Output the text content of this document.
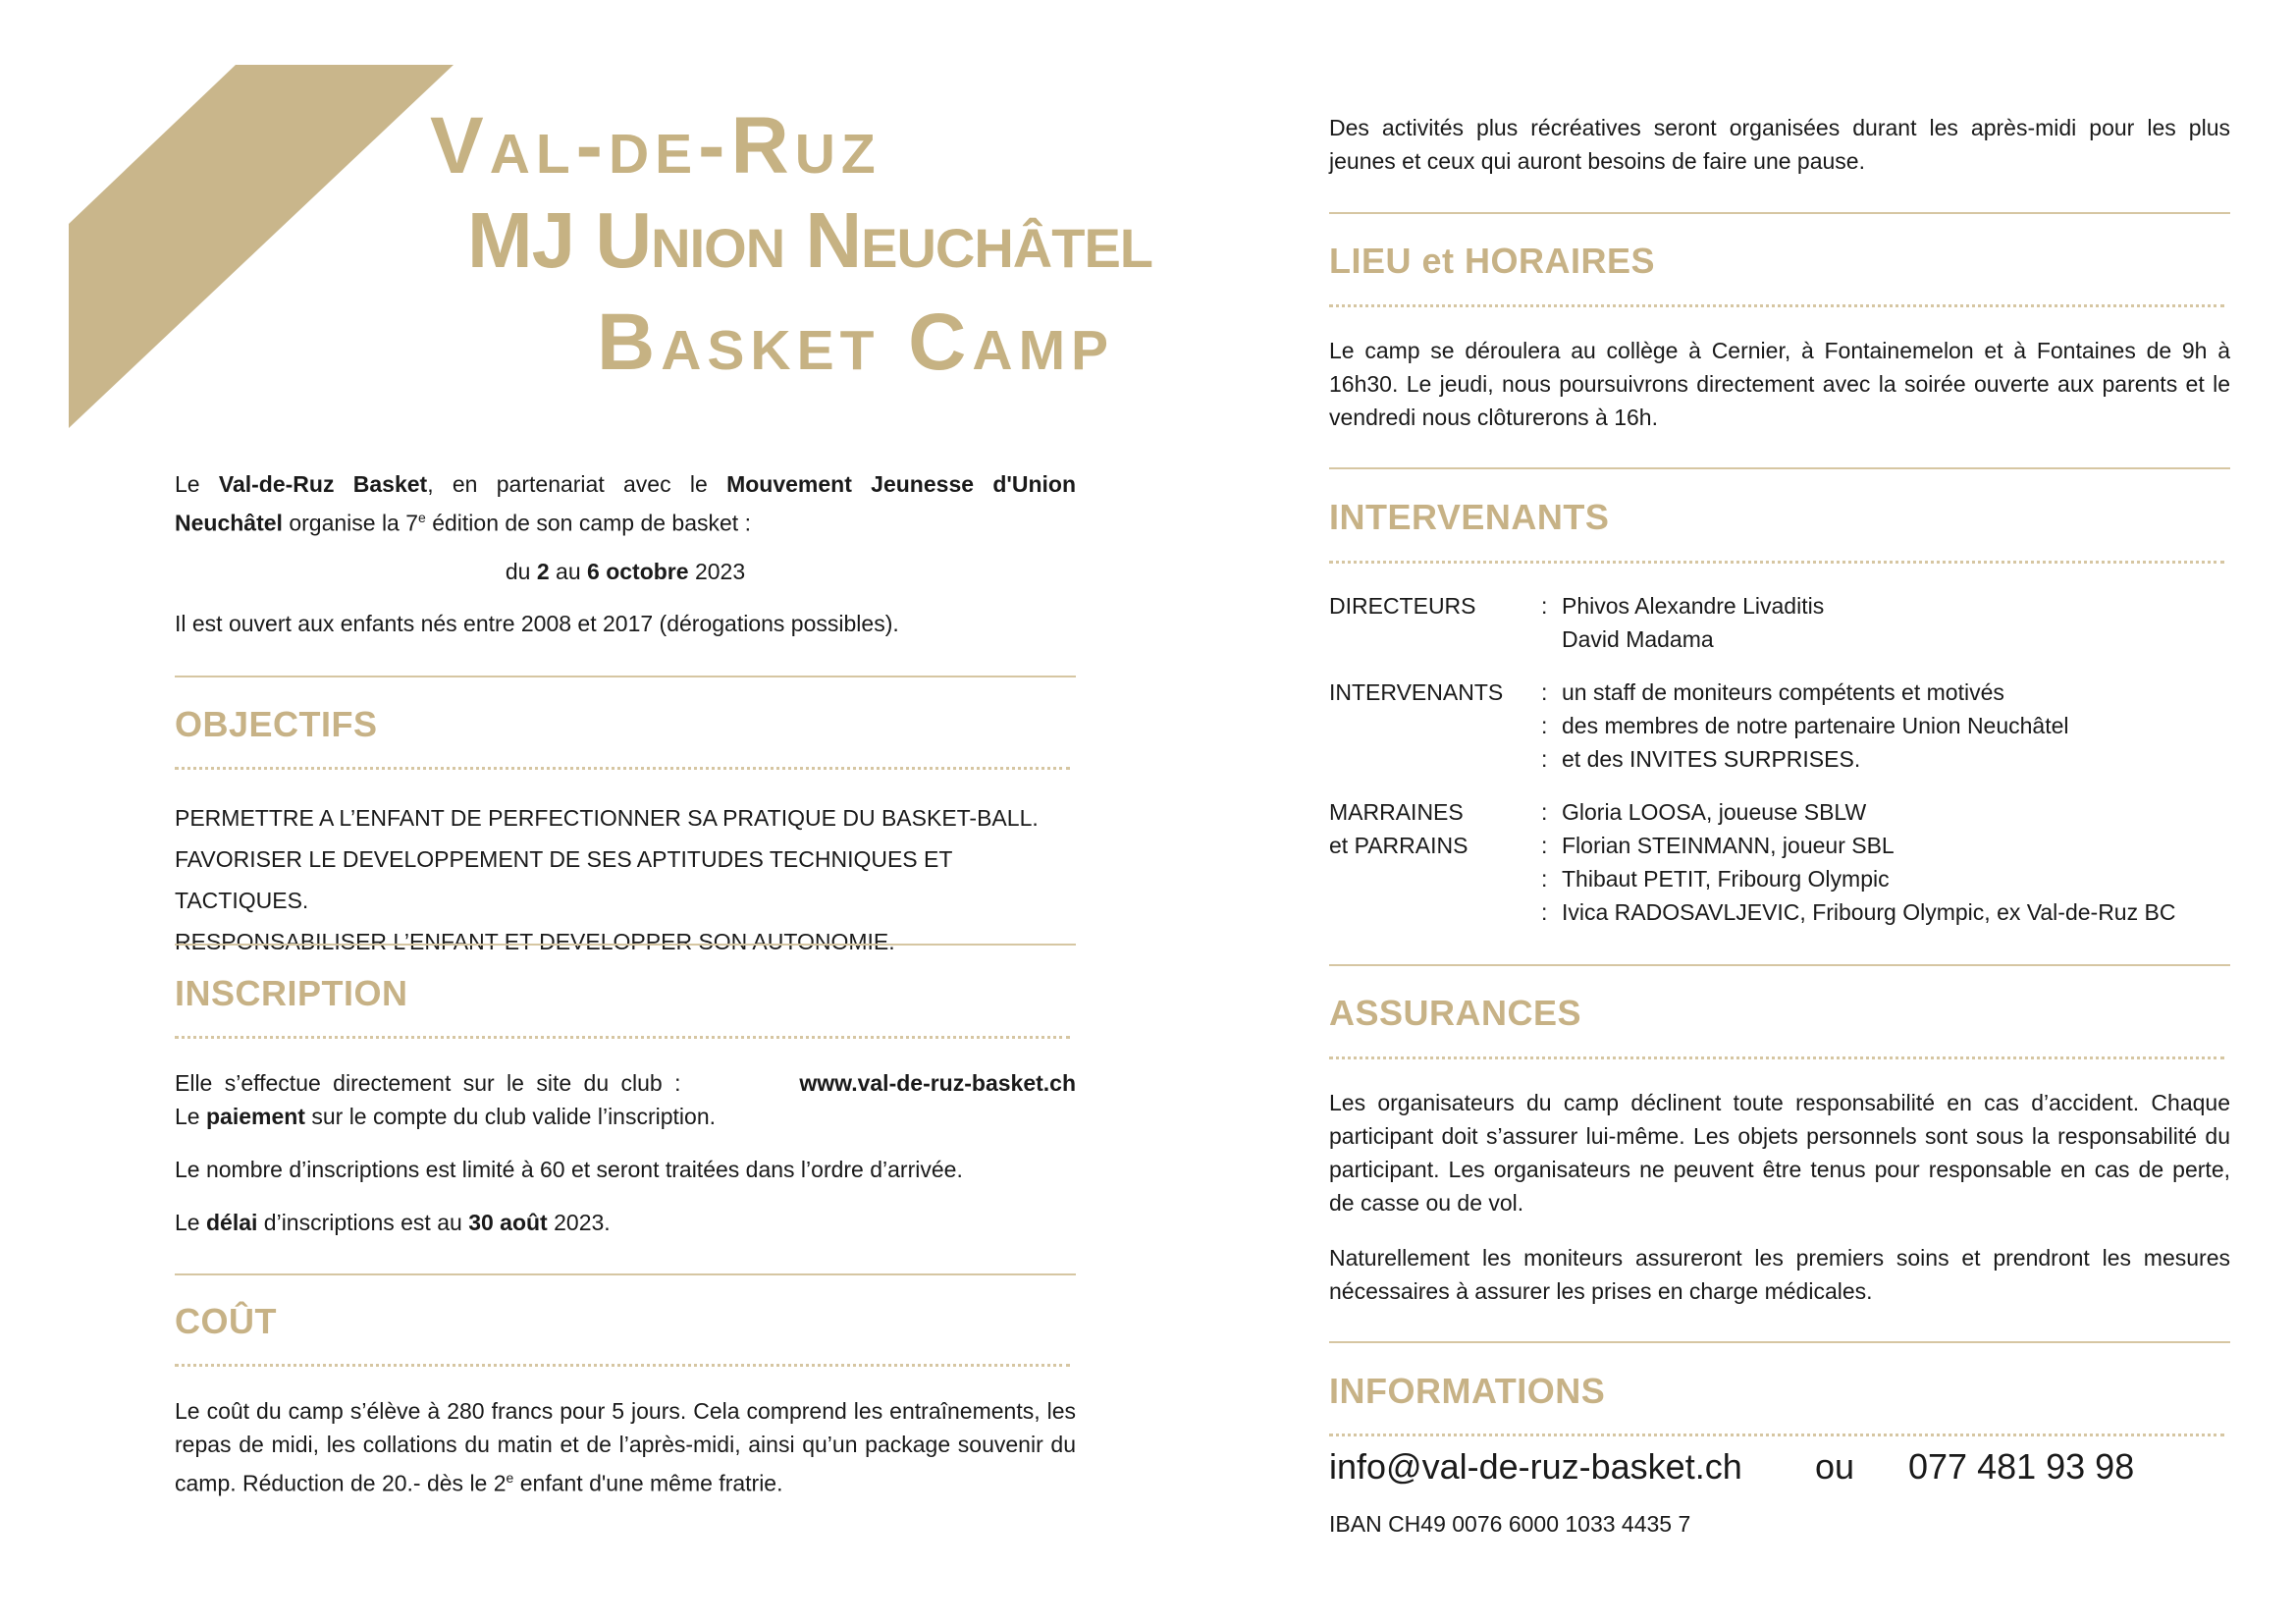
Val-de-Ruz
MJ Union Neuchâtel
Basket Camp

Le Val-de-Ruz Basket, en partenariat avec le Mouvement Jeunesse d'Union Neuchâtel organise la 7e édition de son camp de basket :

du 2 au 6 octobre 2023

Il est ouvert aux enfants nés entre 2008 et 2017 (dérogations possibles).

OBJECTIFS
PERMETTRE A L’ENFANT DE PERFECTIONNER SA PRATIQUE DU BASKET-BALL.
FAVORISER LE DEVELOPPEMENT DE SES APTITUDES TECHNIQUES ET TACTIQUES.
RESPONSABILISER L’ENFANT ET DEVELOPPER SON AUTONOMIE.
INSCRIPTION
Elle s’effectue directement sur le site du club :	www.val-de-ruz-basket.ch

Le paiement sur le compte du club valide l’inscription.

Le nombre d’inscriptions est limité à 60 et seront traitées dans l’ordre d’arrivée.

Le délai d’inscriptions est au 30 août 2023.

COÛT

Le coût du camp s’élève à 280 francs pour 5 jours. Cela comprend les entraînements, les repas de midi, les collations du matin et de l’après-midi, ainsi qu’un package souvenir du camp. Réduction de 20.- dès le 2e enfant d'une même fratrie.

Des activités plus récréatives seront organisées durant les après-midi pour les plus jeunes et ceux qui auront besoins de faire une pause.

LIEU et HORAIRES

Le camp se déroulera au collège à Cernier, à Fontainemelon et à Fontaines de 9h à 16h30. Le jeudi, nous poursuivrons directement avec la soirée ouverte aux parents et le vendredi nous clôturerons à 16h.

INTERVENANTS
DIRECTEURS	: Phivos Alexandre Livaditis
David Madama
INTERVENANTS	: un staff de moniteurs compétents et motivés
: des membres de notre partenaire Union Neuchâtel
: et des INVITES SURPRISES.
MARRAINES	: Gloria LOOSA, joueuse SBLW
et PARRAINS	: Florian STEINMANN, joueur SBL
: Thibaut PETIT, Fribourg Olympic
: Ivica RADOSAVLJEVIC, Fribourg Olympic, ex Val-de-Ruz BC
ASSURANCES

Les organisateurs du camp déclinent toute responsabilité en cas d’accident. Chaque participant doit s’assurer lui-même. Les objets personnels sont sous la responsabilité du participant. Les organisateurs ne peuvent être tenus pour responsable en cas de perte, de casse ou de vol.

Naturellement les moniteurs assureront les premiers soins et prendront les mesures nécessaires à assurer les prises en charge médicales.

INFORMATIONS
info@val-de-ruz-basket.ch	ou	077 481 93 98

IBAN CH49 0076 6000 1033 4435 7
